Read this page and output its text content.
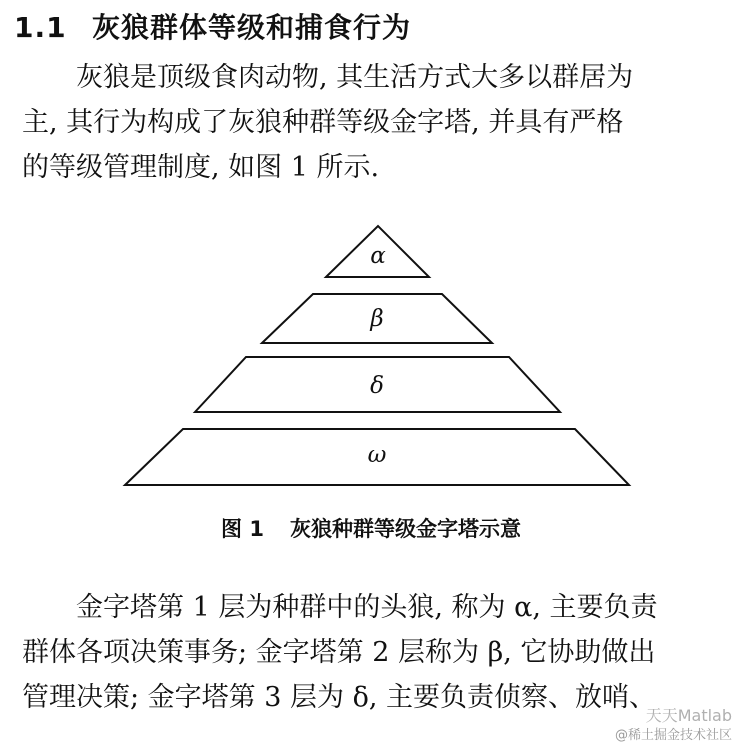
1.1 灰狼群体等级和捕食行为
灰狼是顶级食肉动物, 其生活方式大多以群居为
主, 其行为构成了灰狼种群等级金字塔, 并具有严格
的等级管理制度, 如图 1 所示.
α
β
δ
ω
图 1 灰狼种群等级金字塔示意
金字塔第 1 层为种群中的头狼, 称为 α, 主要负责
群体各项决策事务; 金字塔第 2 层称为 β, 它协助做出
管理决策; 金字塔第 3 层为 δ, 主要负责侦察、放哨、
天天Matlab
@稀土掘金技术社区
